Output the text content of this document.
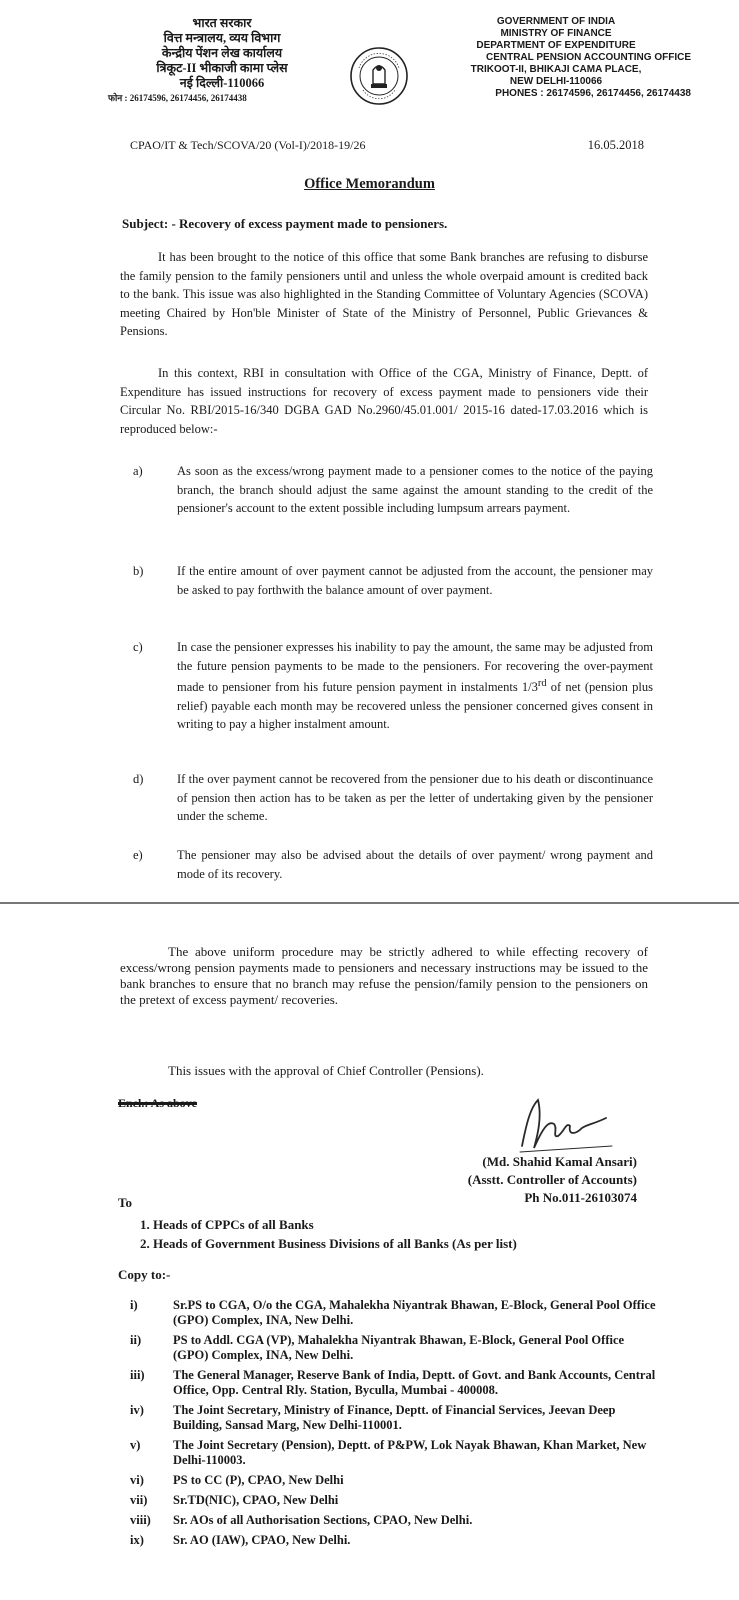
भारत सरकार
वित्त मन्त्रालय, व्यय विभाग
केन्द्रीय पेंशन लेख कार्यालय
त्रिकूट-II भीकाजी कामा प्लेस
नई दिल्ली-110066
फोन : 26174596, 26174456, 26174438
GOVERNMENT OF INDIA
MINISTRY OF FINANCE
DEPARTMENT OF EXPENDITURE
CENTRAL PENSION ACCOUNTING OFFICE
TRIKOOT-II, BHIKAJI CAMA PLACE,
NEW DELHI-110066
PHONES : 26174596, 26174456, 26174438
CPAO/IT & Tech/SCOVA/20 (Vol-I)/2018-19/26	16.05.2018
Office Memorandum
Subject: - Recovery of excess payment made to pensioners.
It has been brought to the notice of this office that some Bank branches are refusing to disburse the family pension to the family pensioners until and unless the whole overpaid amount is credited back to the bank. This issue was also highlighted in the Standing Committee of Voluntary Agencies (SCOVA) meeting Chaired by Hon'ble Minister of State of the Ministry of Personnel, Public Grievances & Pensions.
In this context, RBI in consultation with Office of the CGA, Ministry of Finance, Deptt. of Expenditure has issued instructions for recovery of excess payment made to pensioners vide their Circular No. RBI/2015-16/340 DGBA GAD No.2960/45.01.001/ 2015-16 dated-17.03.2016 which is reproduced below:-
a)	As soon as the excess/wrong payment made to a pensioner comes to the notice of the paying branch, the branch should adjust the same against the amount standing to the credit of the pensioner's account to the extent possible including lumpsum arrears payment.
b)	If the entire amount of over payment cannot be adjusted from the account, the pensioner may be asked to pay forthwith the balance amount of over payment.
c)	In case the pensioner expresses his inability to pay the amount, the same may be adjusted from the future pension payments to be made to the pensioners. For recovering the over-payment made to pensioner from his future pension payment in instalments 1/3rd of net (pension plus relief) payable each month may be recovered unless the pensioner concerned gives consent in writing to pay a higher instalment amount.
d)	If the over payment cannot be recovered from the pensioner due to his death or discontinuance of pension then action has to be taken as per the letter of undertaking given by the pensioner under the scheme.
e)	The pensioner may also be advised about the details of over payment/ wrong payment and mode of its recovery.
The above uniform procedure may be strictly adhered to while effecting recovery of excess/wrong pension payments made to pensioners and necessary instructions may be issued to the bank branches to ensure that no branch may refuse the pension/family pension to the pensioners on the pretext of excess payment/ recoveries.
This issues with the approval of Chief Controller (Pensions).
Encl.: As above
(Md. Shahid Kamal Ansari)
(Asstt. Controller of Accounts)
Ph No.011-26103074
To
1. Heads of CPPCs of all Banks
2. Heads of Government Business Divisions of all Banks (As per list)
Copy to:-
i)	Sr.PS to CGA, O/o the CGA, Mahalekha Niyantrak Bhawan, E-Block, General Pool Office (GPO) Complex, INA, New Delhi.
ii)	PS to Addl. CGA (VP), Mahalekha Niyantrak Bhawan, E-Block, General Pool Office (GPO) Complex, INA, New Delhi.
iii)	The General Manager, Reserve Bank of India, Deptt. of Govt. and Bank Accounts, Central Office, Opp. Central Rly. Station, Byculla, Mumbai - 400008.
iv)	The Joint Secretary, Ministry of Finance, Deptt. of Financial Services, Jeevan Deep Building, Sansad Marg, New Delhi-110001.
v)	The Joint Secretary (Pension), Deptt. of P&PW, Lok Nayak Bhawan, Khan Market, New Delhi-110003.
vi)	PS to CC (P), CPAO, New Delhi
vii)	Sr.TD(NIC), CPAO, New Delhi
viii)	Sr. AOs of all Authorisation Sections, CPAO, New Delhi.
ix)	Sr. AO (IAW), CPAO, New Delhi.
